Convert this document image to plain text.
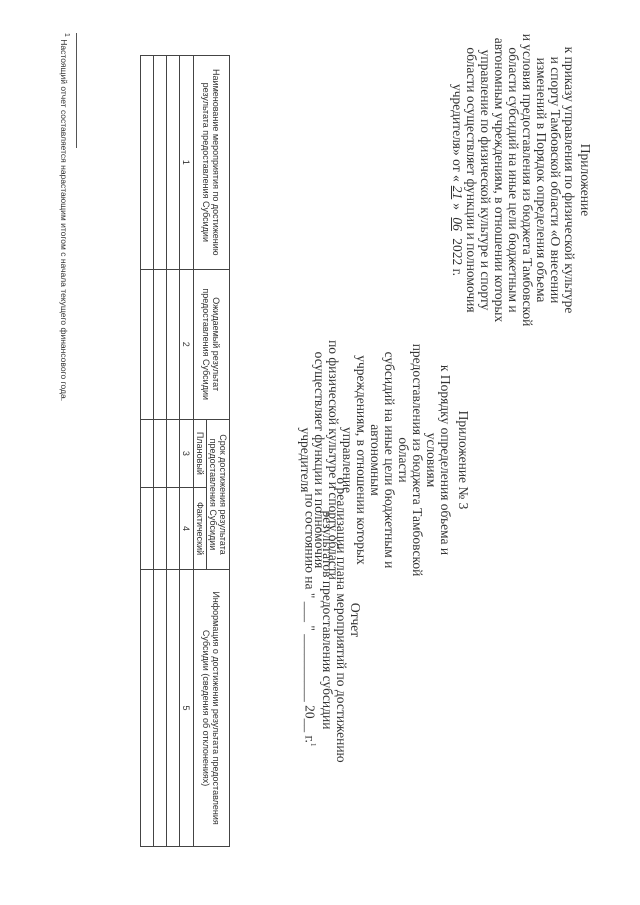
Приложение

к приказу управления по физической культуре

и спорту Тамбовской области «О внесении

изменений в Порядок определения объема

и условия предоставления из бюджета Тамбовской

области субсидий на иные цели бюджетным и

автономным учреждениям, в отношении которых

управление по физической культуре и спорту

области осуществляет функции и полномочия

учредителя» от «21» 06 2022 г.

Приложение № 3

к Порядку определения объема и условиям

предоставления из бюджета Тамбовской области

субсидий на иные цели бюджетным и автономным

учреждениям, в отношении которых управление

по физической культуре и спорту области

осуществляет функции и полномочия учредителя

Отчет

о реализации плана мероприятий по достижению результатов предоставления субсидии

по состоянию на " ___ " __________ 20__ г.$^1$

Наименование мероприятия по достижению результата предоставления Субсидии	Ожидаемый результат предоставления Субсидии	Срок достижения результата предоставления Субсидии		Информация о достижении результата предоставления Субсидии (сведения об отклонениях)
		Плановый	Фактический	
1	2	3	4	5

$^1$ Настоящий отчет составляется нарастающим итогом с начала текущего финансового года.
